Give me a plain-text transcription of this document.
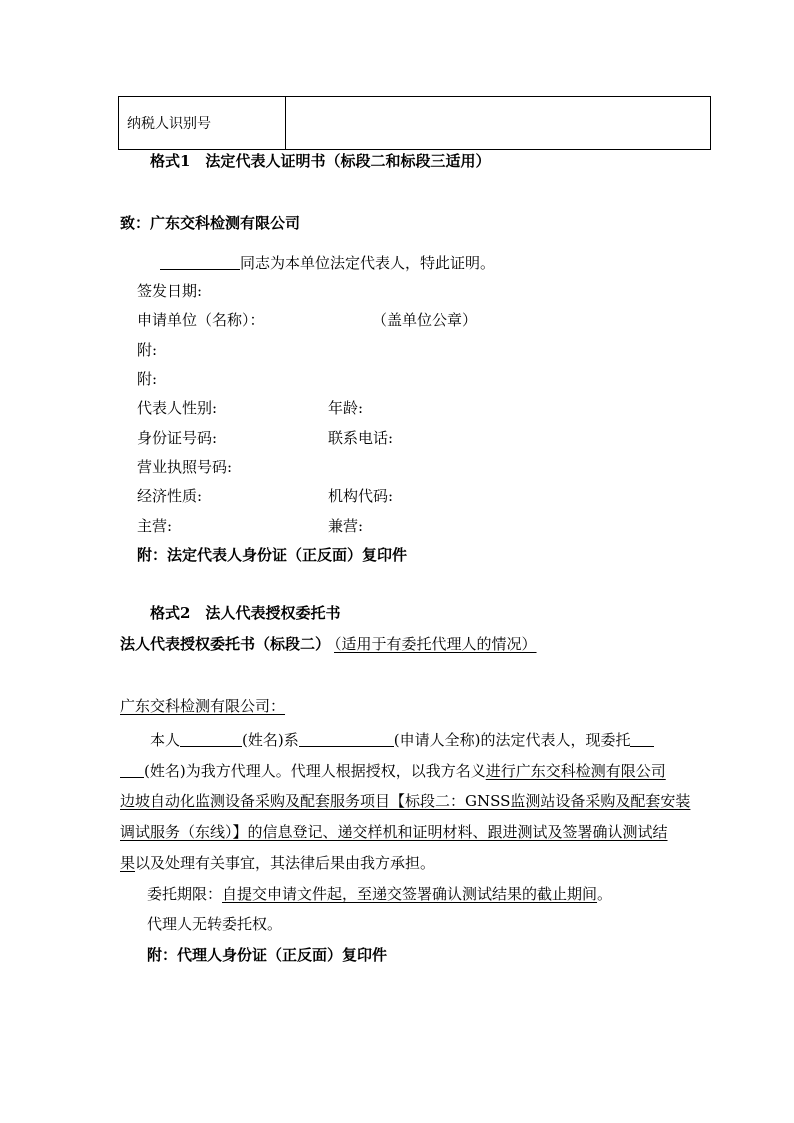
纳税人识别号	
格式1　法定代表人证明书（标段二和标段三适用）
致：广东交科检测有限公司
同志为本单位法定代表人，特此证明。
签发日期:
申请单位（名称）：	（盖单位公章）
附:
附:
代表人性别:	年龄:
身份证号码:	联系电话:
营业执照号码:
经济性质:	机构代码:
主营:	兼营:
附：法定代表人身份证（正反面）复印件
格式2　法人代表授权委托书
法人代表授权委托书（标段二） （适用于有委托代理人的情况）
广东交科检测有限公司：
本人	(姓名)系	(申请人全称)的法定代表人，现委托
(姓名)为我方代理人。代理人根据授权，以我方名义进行广东交科检测有限公司
边坡自动化监测设备采购及配套服务项目【标段二：GNSS监测站设备采购及配套安装
调试服务（东线）】的信息登记、递交样机和证明材料、跟进测试及签署确认测试结
果以及处理有关事宜，其法律后果由我方承担。
委托期限：自提交申请文件起，至递交签署确认测试结果的截止期间。
代理人无转委托权。
附：代理人身份证（正反面）复印件
